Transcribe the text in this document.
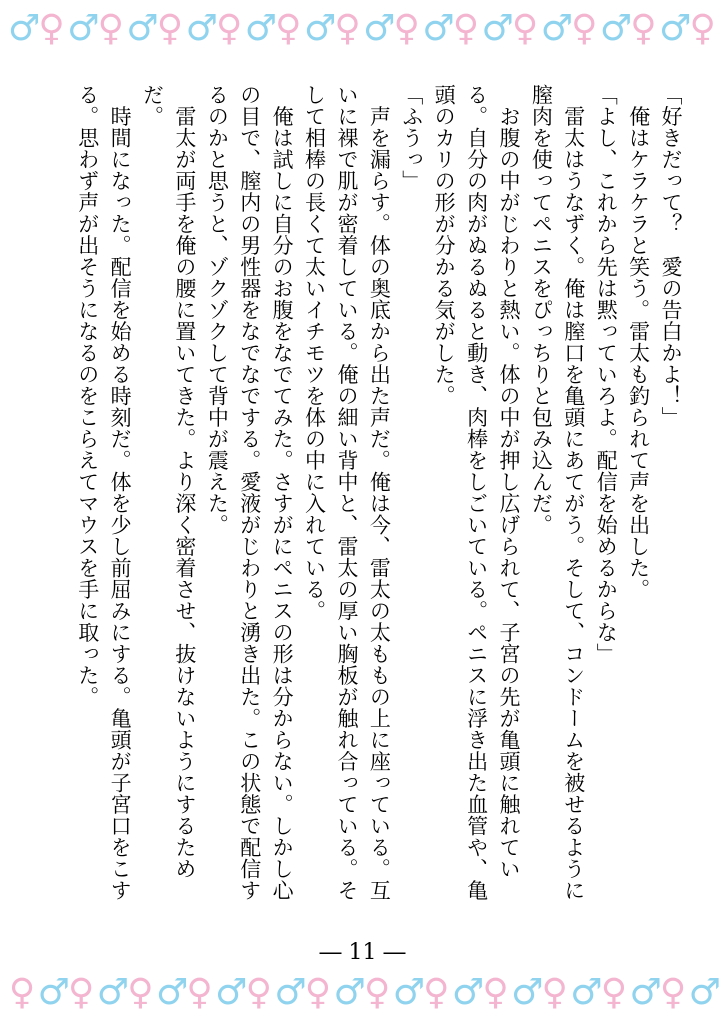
♂
♀ ♂
♀ ♂
♀ ♂
♀ ♂
♀ ♂
♀ ♂
♀ ♂
♀ ♂
♀ ♂
♀ ♂
♀ ♂
♀

「好きだって？　愛の告白かよ！」

　俺はケラケラと笑う。雷太も釣られて声を出した。

「よし、これから先は黙っていろよ。配信を始めるからな」

　雷太はうなずく。俺は膣口を亀頭にあてがう。そして、コンドームを被せるように膣肉を使ってペニスをぴっちりと包み込んだ。

　お腹の中がじわりと熱い。体の中が押し広げられて、子宮の先が亀頭に触れている。自分の肉がぬるぬると動き、肉棒をしごいている。ペニスに浮き出た血管や、亀頭のカリの形が分かる気がした。

「ふうっ」

　声を漏らす。体の奥底から出た声だ。俺は今、雷太の太ももの上に座っている。互いに裸で肌が密着している。俺の細い背中と、雷太の厚い胸板が触れ合っている。そして相棒の長くて太いイチモツを体の中に入れている。

　俺は試しに自分のお腹をなでてみた。さすがにペニスの形は分からない。しかし心の目で、膣内の男性器をなでなでする。愛液がじわりと湧き出た。この状態で配信するのかと思うと、ゾクゾクして背中が震えた。

　雷太が両手を俺の腰に置いてきた。より深く密着させ、抜けないようにするためだ。

　時間になった。配信を始める時刻だ。体を少し前屈みにする。亀頭が子宮口をこする。思わず声が出そうになるのをこらえてマウスを手に取った。

― 11 ―
♀ ♂
♀ ♂
♀ ♂
♀ ♂
♀ ♂
♀ ♂
♀ ♂
♀ ♂
♀ ♂
♀ ♂
♀ ♂
♀ ♂
